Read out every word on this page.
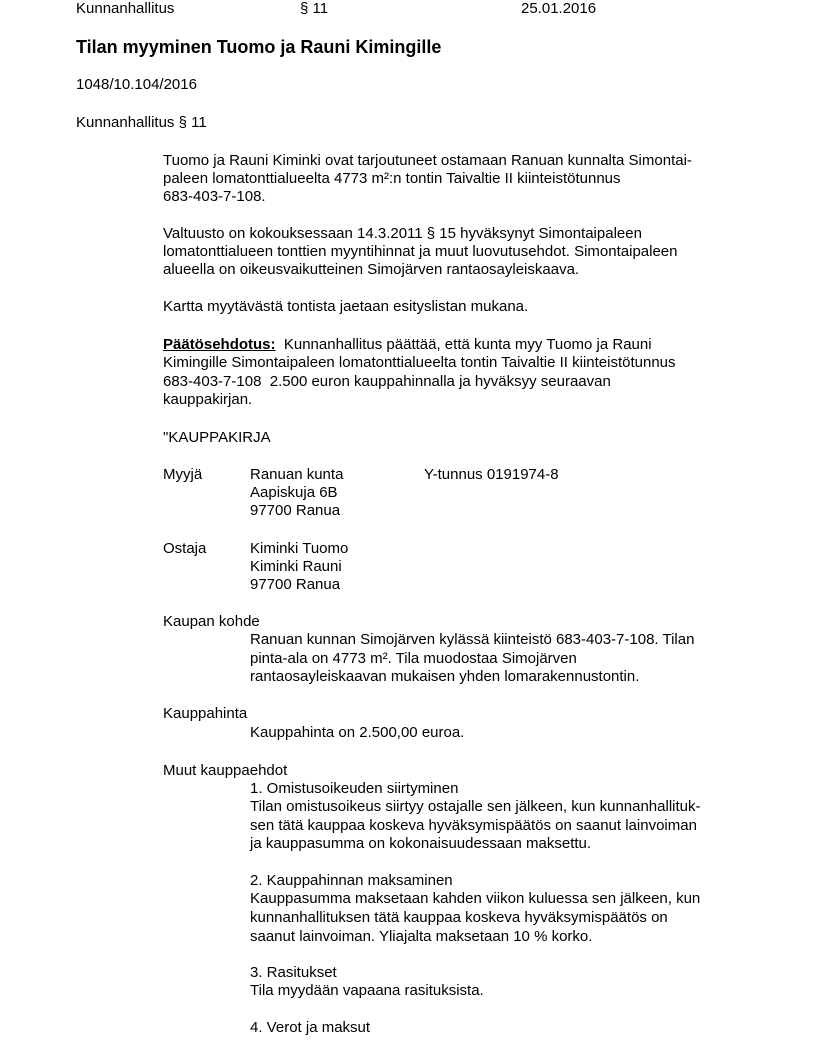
Kunnanhallitus	§ 11	25.01.2016
Tilan myyminen Tuomo ja Rauni Kimingille
1048/10.104/2016
Kunnanhallitus § 11
Tuomo ja Rauni Kiminki ovat tarjoutuneet ostamaan Ranuan kunnalta Simontai-
paleen lomatonttialueelta 4773 m²:n tontin Taivaltie II kiinteistötunnus
683-403-7-108.
Valtuusto on kokouksessaan 14.3.2011 § 15 hyväksynyt Simontaipaleen
lomatonttialueen tonttien myyntihinnat ja muut luovutusehdot. Simontaipaleen
alueella on oikeusvaikutteinen Simojärven rantaosayleiskaava.
Kartta myytävästä tontista jaetaan esityslistan mukana.
Päätösehdotus:  Kunnanhallitus päättää, että kunta myy Tuomo ja Rauni
Kimingille Simontaipaleen lomatonttialueelta tontin Taivaltie II kiinteistötunnus
683-403-7-108  2.500 euron kauppahinnalla ja hyväksyy seuraavan
kauppakirjan.
"KAUPPAKIRJA
Myyjä	Ranuan kunta	Y-tunnus 0191974-8
Aapiskuja 6B
97700 Ranua
Ostaja	Kiminki Tuomo
Kiminki Rauni
97700 Ranua
Kaupan kohde
Ranuan kunnan Simojärven kylässä kiinteistö 683-403-7-108. Tilan
pinta-ala on 4773 m². Tila muodostaa Simojärven
rantaosayleiskaavan mukaisen yhden lomarakennustontin.
Kauppahinta
Kauppahinta on 2.500,00 euroa.
Muut kauppaehdot
1. Omistusoikeuden siirtyminen
Tilan omistusoikeus siirtyy ostajalle sen jälkeen, kun kunnanhallituk-
sen tätä kauppaa koskeva hyväksymispäätös on saanut lainvoiman
ja kauppasumma on kokonaisuudessaan maksettu.
2. Kauppahinnan maksaminen
Kauppasumma maksetaan kahden viikon kuluessa sen jälkeen, kun
kunnanhallituksen tätä kauppaa koskeva hyväksymispäätös on
saanut lainvoiman. Yliajalta maksetaan 10 % korko.
3. Rasitukset
Tila myydään vapaana rasituksista.
4. Verot ja maksut
